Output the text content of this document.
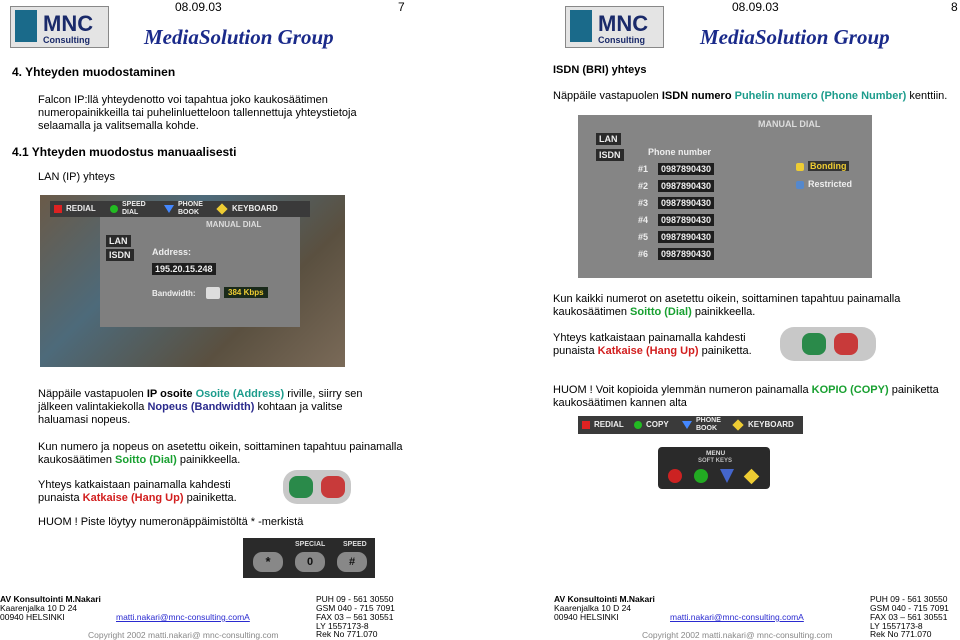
MNC
Consulting
08.09.03	7
MediaSolution Group
4. Yhteyden muodostaminen
Falcon IP:llä yhteydenotto voi tapahtua joko kaukosäätimen numeropainikkeilla tai puhelinluetteloon tallennettuja yhteystietoja selaamalla ja valitsemalla kohde.
4.1 Yhteyden muodostus manuaalisesti
LAN (IP) yhteys
REDIAL	SPEED DIAL
PHONE BOOK	KEYBOARD
MANUAL DIAL
LAN
ISDN	Address:
195.20.15.248
Bandwidth:	384 Kbps
Näppäile vastapuolen IP osoite Osoite (Address) riville, siirry sen jälkeen valintakiekolla Nopeus (Bandwidth) kohtaan ja valitse haluamasi nopeus.
Kun numero ja nopeus on asetettu oikein, soittaminen tapahtuu painamalla kaukosäätimen Soitto (Dial) painikkeella.
Yhteys katkaistaan painamalla kahdesti punaista Katkaise (Hang Up) painiketta.
HUOM ! Piste löytyy numeronäppäimistöltä * -merkistä
SPECIAL	SPEED
*	0	#
MNC
Consulting
08.09.03	8
MediaSolution Group
ISDN (BRI) yhteys
Näppäile vastapuolen ISDN numero Puhelin numero (Phone Number) kenttiin.
MANUAL DIAL
LAN
ISDN	Phone number
#1	0987890430
#2	0987890430
#3	0987890430
#4	0987890430
#5	0987890430
#6	0987890430
Bonding
Restricted
Kun kaikki numerot on asetettu oikein, soittaminen tapahtuu painamalla kaukosäätimen Soitto (Dial) painikkeella.
Yhteys katkaistaan painamalla kahdesti punaista Katkaise (Hang Up) painiketta.
HUOM ! Voit kopioida ylemmän numeron painamalla KOPIO (COPY) painiketta kaukosäätimen kannen alta
REDIAL	COPY	PHONE BOOK	KEYBOARD
MENU
SOFT KEYS
AV Konsultointi M.Nakari
Kaarenjalka 10 D 24
00940 HELSINKI	matti.nakari@mnc-consulting.comA
PUH 09 - 561 30550
GSM 040 - 715 7091
FAX 03 – 561 30551
LY 1557173-8
Rek No 771.070
Copyright 2002 matti.nakari@ mnc-consulting.com
AV Konsultointi M.Nakari
Kaarenjalka 10 D 24
00940 HELSINKI	matti.nakari@mnc-consulting.comA
PUH 09 - 561 30550
GSM 040 - 715 7091
FAX 03 – 561 30551
LY 1557173-8
Rek No 771.070
Copyright 2002 matti.nakari@ mnc-consulting.com
